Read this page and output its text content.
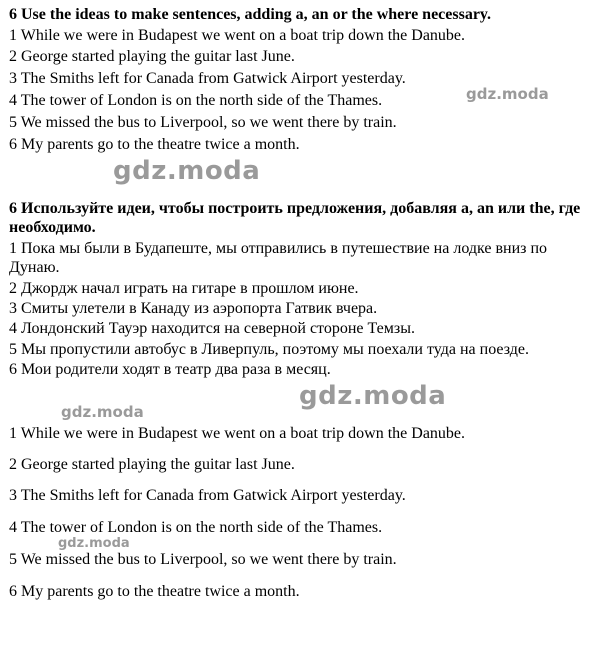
6 Use the ideas to make sentences, adding a, an or the where necessary.
1 While we were in Budapest we went on a boat trip down the Danube.
2 George started playing the guitar last June.
3 The Smiths left for Canada from Gatwick Airport yesterday.
4 The tower of London is on the north side of the Thames.
5 We missed the bus to Liverpool, so we went there by train.
6 My parents go to the theatre twice a month.
6 Используйте идеи, чтобы построить предложения, добавляя a, an или the, где необходимо.
1 Пока мы были в Будапеште, мы отправились в путешествие на лодке вниз по Дунаю.
2 Джордж начал играть на гитаре в прошлом июне.
3 Смиты улетели в Канаду из аэропорта Гатвик вчера.
4 Лондонский Тауэр находится на северной стороне Темзы.
5 Мы пропустили автобус в Ливерпуль, поэтому мы поехали туда на поезде.
6 Мои родители ходят в театр два раза в месяц.
1 While we were in Budapest we went on a boat trip down the Danube.
2 George started playing the guitar last June.
3 The Smiths left for Canada from Gatwick Airport yesterday.
4 The tower of London is on the north side of the Thames.
5 We missed the bus to Liverpool, so we went there by train.
6 My parents go to the theatre twice a month.
gdz.moda
gdz.moda
gdz.moda
gdz.moda
gdz.moda
